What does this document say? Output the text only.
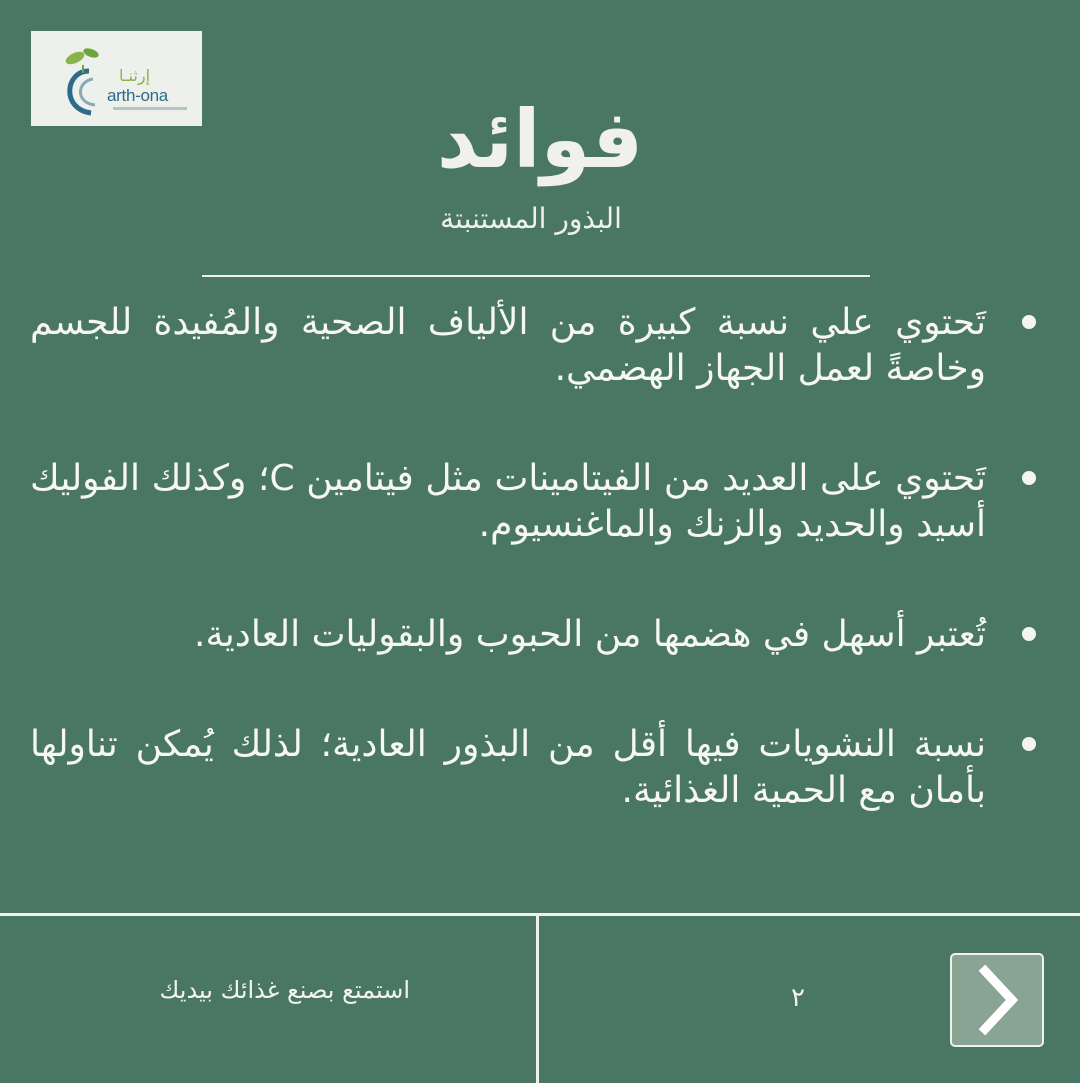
إرثنـا
arth-ona	فوائد
البذور المستنبتة
تَحتوي علي نسبة كبيرة من الألياف الصحية والمُفيدة للجسم وخاصةً لعمل الجهاز الهضمي.
تَحتوي على العديد من الفيتامينات مثل فيتامين C؛ وكذلك الفوليك أسيد والحديد والزنك والماغنسيوم.
تُعتبر أسهل في هضمها من الحبوب والبقوليات العادية.
نسبة النشويات فيها أقل من البذور العادية؛ لذلك يُمكن تناولها بأمان مع الحمية الغذائية.
استمتع بصنع غذائك بيديك	٢
